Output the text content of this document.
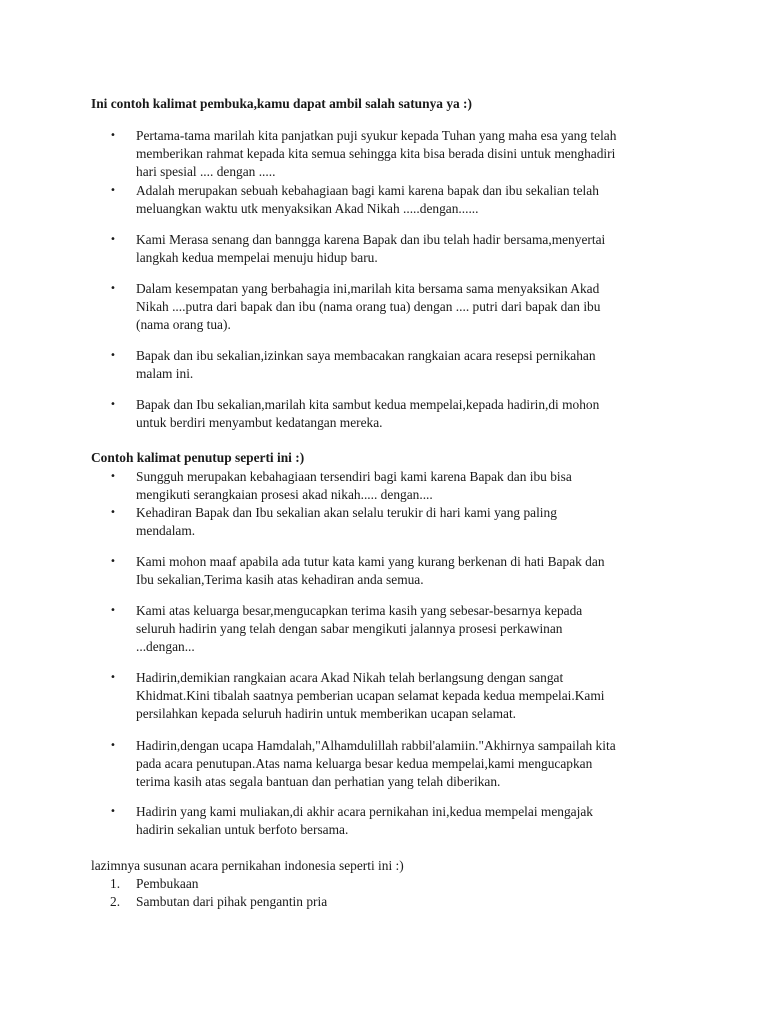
Ini contoh kalimat pembuka,kamu dapat ambil salah satunya ya :)
•	Pertama-tama marilah kita panjatkan puji syukur kepada Tuhan yang maha esa yang telah
memberikan rahmat kepada kita semua sehingga kita bisa berada disini untuk menghadiri
hari spesial .... dengan .....
•	Adalah merupakan sebuah kebahagiaan bagi kami karena bapak dan ibu sekalian telah
meluangkan waktu utk menyaksikan Akad Nikah .....dengan......
•	Kami Merasa senang dan banngga karena Bapak dan ibu telah hadir bersama,menyertai
langkah kedua mempelai menuju hidup baru.
•	Dalam kesempatan yang berbahagia ini,marilah kita bersama sama menyaksikan Akad
Nikah ....putra dari bapak dan ibu (nama orang tua) dengan .... putri dari bapak dan ibu
(nama orang tua).
•	Bapak dan ibu sekalian,izinkan saya membacakan rangkaian acara resepsi pernikahan
malam ini.
•	Bapak dan Ibu sekalian,marilah kita sambut kedua mempelai,kepada hadirin,di mohon
untuk berdiri menyambut kedatangan mereka.
Contoh kalimat penutup seperti ini :)
•	Sungguh merupakan kebahagiaan tersendiri bagi kami karena Bapak dan ibu bisa
mengikuti serangkaian prosesi akad nikah..... dengan....
•	Kehadiran Bapak dan Ibu sekalian akan selalu terukir di hari kami yang paling
mendalam.
•	Kami mohon maaf apabila ada tutur kata kami yang kurang berkenan di hati Bapak dan
Ibu sekalian,Terima kasih atas kehadiran anda semua.
•	Kami atas keluarga besar,mengucapkan terima kasih yang sebesar-besarnya kepada
seluruh hadirin yang telah dengan sabar mengikuti jalannya prosesi perkawinan
...dengan...
•	Hadirin,demikian rangkaian acara Akad Nikah telah berlangsung dengan sangat
Khidmat.Kini tibalah saatnya pemberian ucapan selamat kepada kedua mempelai.Kami
persilahkan kepada seluruh hadirin untuk memberikan ucapan selamat.
•	Hadirin,dengan ucapa Hamdalah,"Alhamdulillah rabbil'alamiin."Akhirnya sampailah kita
pada acara penutupan.Atas nama keluarga besar kedua mempelai,kami mengucapkan
terima kasih atas segala bantuan dan perhatian yang telah diberikan.
•	Hadirin yang kami muliakan,di akhir acara pernikahan ini,kedua mempelai mengajak
hadirin sekalian untuk berfoto bersama.
lazimnya susunan acara pernikahan indonesia seperti ini :)
1.	Pembukaan
2.	Sambutan dari pihak pengantin pria
